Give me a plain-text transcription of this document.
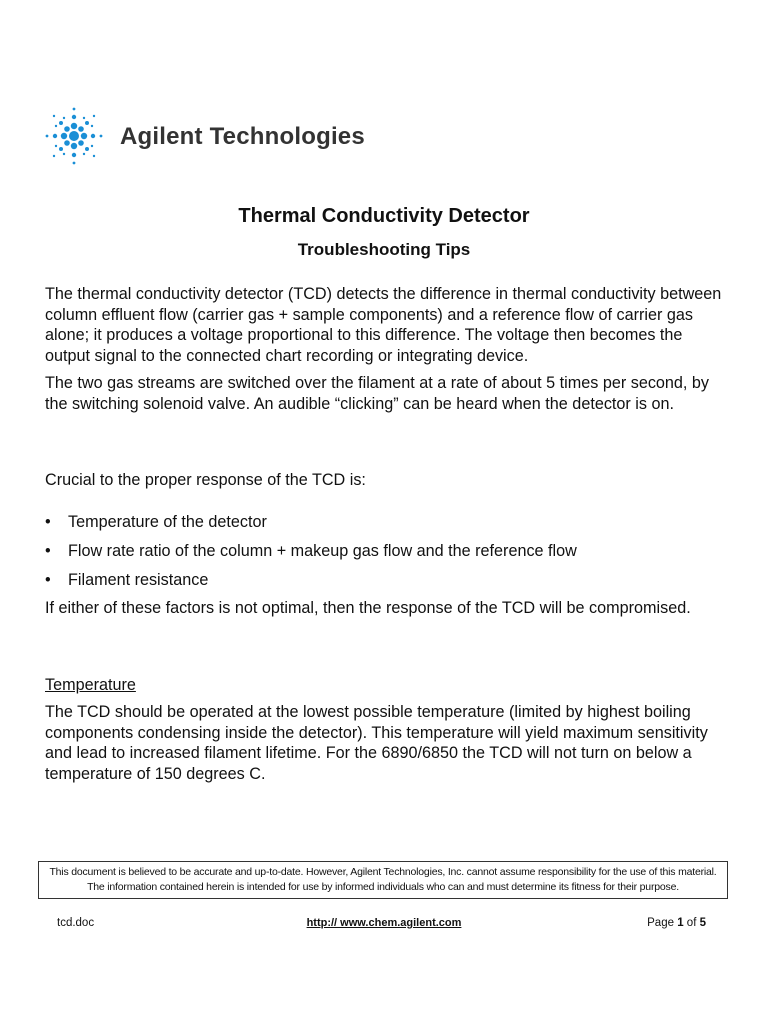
Agilent Technologies
Thermal Conductivity Detector
Troubleshooting Tips
The thermal conductivity detector (TCD) detects the difference in thermal conductivity between column effluent flow (carrier gas + sample components) and a reference flow of carrier gas alone; it produces a voltage proportional to this difference. The voltage then becomes the output signal to the connected chart recording or integrating device.
The two gas streams are switched over the filament at a rate of about 5 times per second, by the switching solenoid valve. An audible “clicking” can be heard when the detector is on.
Crucial to the proper response of the TCD is:
• Temperature of the detector
• Flow rate ratio of the column + makeup gas flow and the reference flow
• Filament resistance
If either of these factors is not optimal, then the response of the TCD will be compromised.
Temperature
The TCD should be operated at the lowest possible temperature (limited by highest boiling components condensing inside the detector). This temperature will yield maximum sensitivity and lead to increased filament lifetime. For the 6890/6850 the TCD will not turn on below a temperature of 150 degrees C.
This document is believed to be accurate and up-to-date. However, Agilent Technologies, Inc. cannot assume responsibility for the use of this material.
The information contained herein is intended for use by informed individuals who can and must determine its fitness for their purpose.
tcd.doc	http:// www.chem.agilent.com	Page 1 of 5
